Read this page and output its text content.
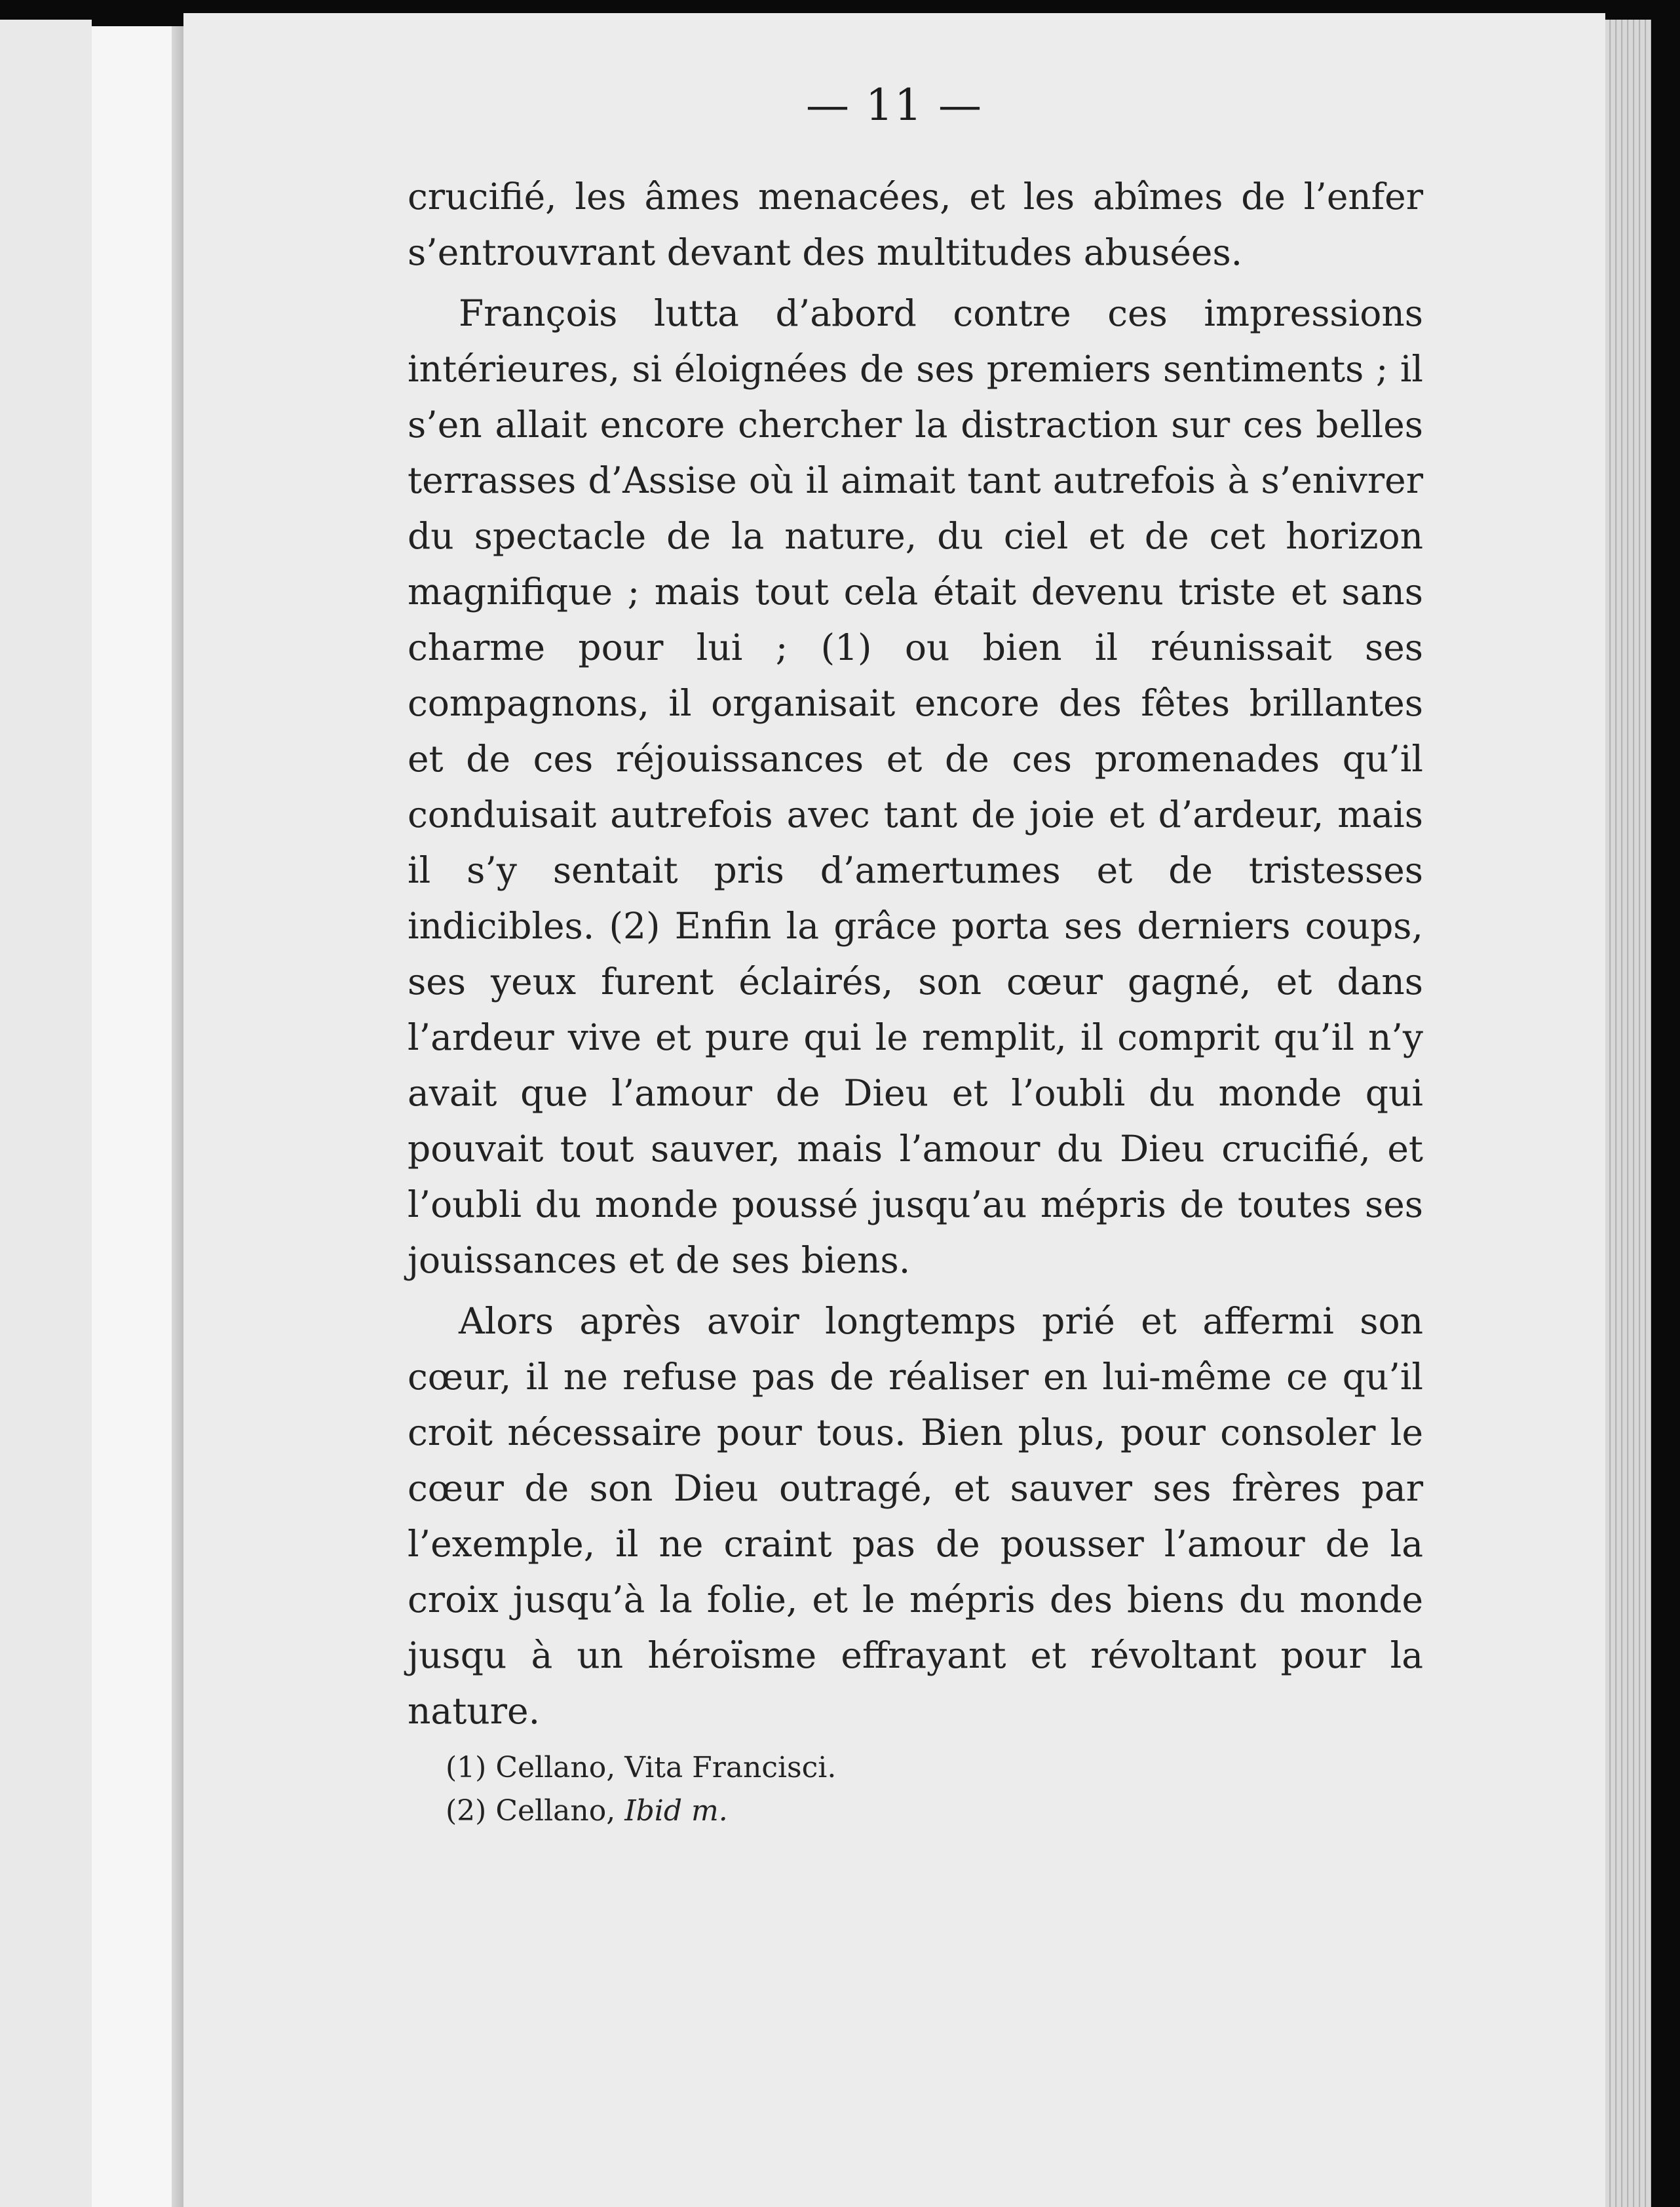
— 11 —

crucifié, les âmes menacées, et les abîmes de l’enfer s’entrouvrant devant des multitudes abusées.

François lutta d’abord contre ces impressions intérieures, si éloignées de ses premiers sentiments ; il s’en allait encore chercher la distraction sur ces belles terrasses d’Assise où il aimait tant autrefois à s’enivrer du spectacle de la nature, du ciel et de cet horizon magnifique ; mais tout cela était devenu triste et sans charme pour lui ; (1) ou bien il réunissait ses compagnons, il organisait encore des fêtes brillantes et de ces réjouissances et de ces promenades qu’il conduisait autrefois avec tant de joie et d’ardeur, mais il s’y sentait pris d’amertumes et de tristesses indicibles. (2) Enfin la grâce porta ses derniers coups, ses yeux furent éclairés, son cœur gagné, et dans l’ardeur vive et pure qui le remplit, il comprit qu’il n’y avait que l’amour de Dieu et l’oubli du monde qui pouvait tout sauver, mais l’amour du Dieu crucifié, et l’oubli du monde poussé jusqu’au mépris de toutes ses jouissances et de ses biens.

Alors après avoir longtemps prié et affermi son cœur, il ne refuse pas de réaliser en lui-même ce qu’il croit nécessaire pour tous. Bien plus, pour consoler le cœur de son Dieu outragé, et sauver ses frères par l’exemple, il ne craint pas de pousser l’amour de la croix jusqu’à la folie, et le mépris des biens du monde jusqu à un héroïsme effrayant et révoltant pour la nature.

(1) Cellano, Vita Francisci.
(2) Cellano, Ibid m.
